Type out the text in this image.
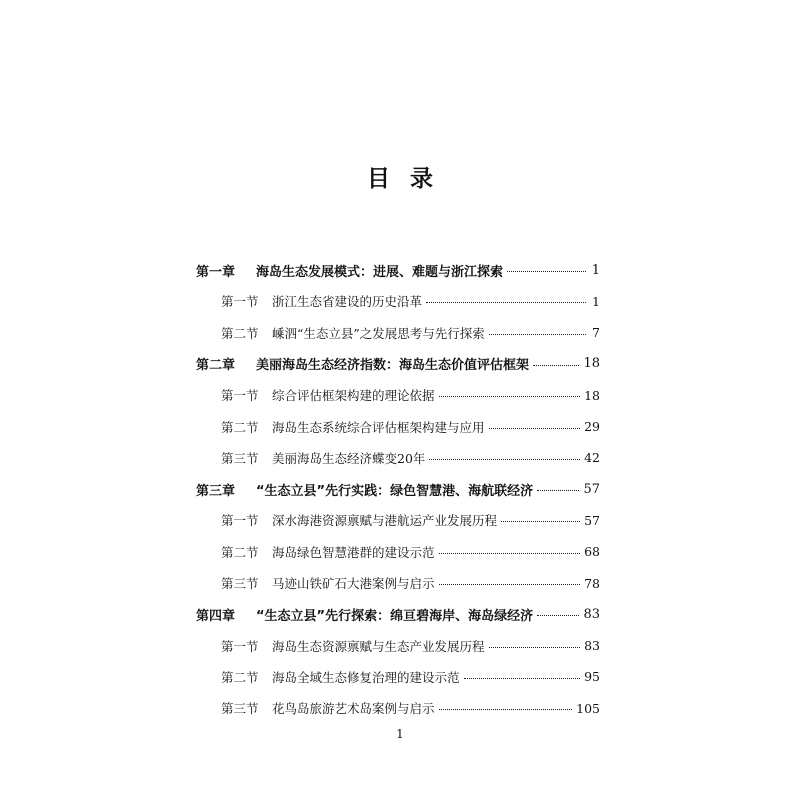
目 录
第一章	海岛生态发展模式：进展、难题与浙江探索	1
第一节	浙江生态省建设的历史沿革	1
第二节	嵊泗“生态立县”之发展思考与先行探索	7
第二章	美丽海岛生态经济指数：海岛生态价值评估框架	18
第一节	综合评估框架构建的理论依据	18
第二节	海岛生态系统综合评估框架构建与应用	29
第三节	美丽海岛生态经济蝶变20年	42
第三章	“生态立县”先行实践：绿色智慧港、海航联经济	57
第一节	深水海港资源禀赋与港航运产业发展历程	57
第二节	海岛绿色智慧港群的建设示范	68
第三节	马迹山铁矿石大港案例与启示	78
第四章	“生态立县”先行探索：绵亘碧海岸、海岛绿经济	83
第一节	海岛生态资源禀赋与生态产业发展历程	83
第二节	海岛全域生态修复治理的建设示范	95
第三节	花鸟岛旅游艺术岛案例与启示	105
1
